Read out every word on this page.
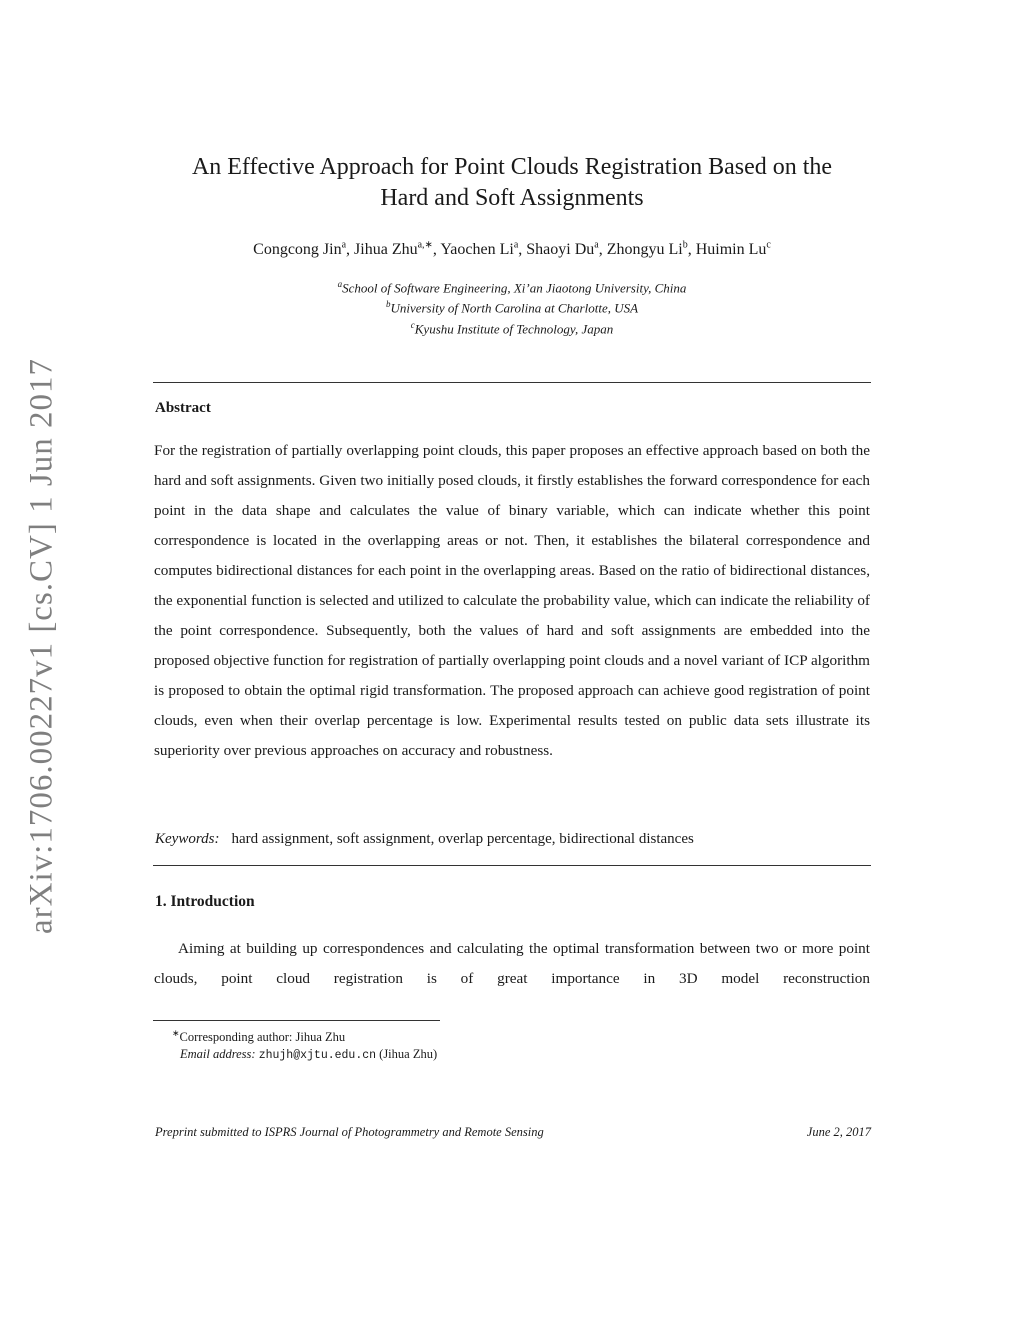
arXiv:1706.00227v1 [cs.CV] 1 Jun 2017
An Effective Approach for Point Clouds Registration Based on the
Hard and Soft Assignments
Congcong Jin$^a$, Jihua Zhu$^{a,∗}$, Yaochen Li$^a$, Shaoyi Du$^a$, Zhongyu Li$^b$, Huimin Lu$^c$
$^a$School of Software Engineering, Xi’an Jiaotong University, China
$^b$University of North Carolina at Charlotte, USA
$^c$Kyushu Institute of Technology, Japan
Abstract
For the registration of partially overlapping point clouds, this paper proposes an effective approach based on both the hard and soft assignments. Given two initially posed clouds, it firstly establishes the forward correspondence for each point in the data shape and calculates the value of binary variable, which can indicate whether this point correspondence is located in the overlapping areas or not. Then, it establishes the bilateral correspondence and computes bidirectional distances for each point in the overlapping areas. Based on the ratio of bidirectional distances, the exponential function is selected and utilized to calculate the probability value, which can indicate the reliability of the point correspondence. Subsequently, both the values of hard and soft assignments are embedded into the proposed objective function for registration of partially overlapping point clouds and a novel variant of ICP algorithm is proposed to obtain the optimal rigid transformation. The proposed approach can achieve good registration of point clouds, even when their overlap percentage is low. Experimental results tested on public data sets illustrate its superiority over previous approaches on accuracy and robustness.
Keywords: hard assignment, soft assignment, overlap percentage, bidirectional distances
1. Introduction
Aiming at building up correspondences and calculating the optimal transformation between two or more point clouds, point cloud registration is of great importance in 3D model reconstruction
∗Corresponding author: Jihua Zhu
Email address: zhujh@xjtu.edu.cn (Jihua Zhu)
Preprint submitted to ISPRS Journal of Photogrammetry and Remote Sensing	June 2, 2017
